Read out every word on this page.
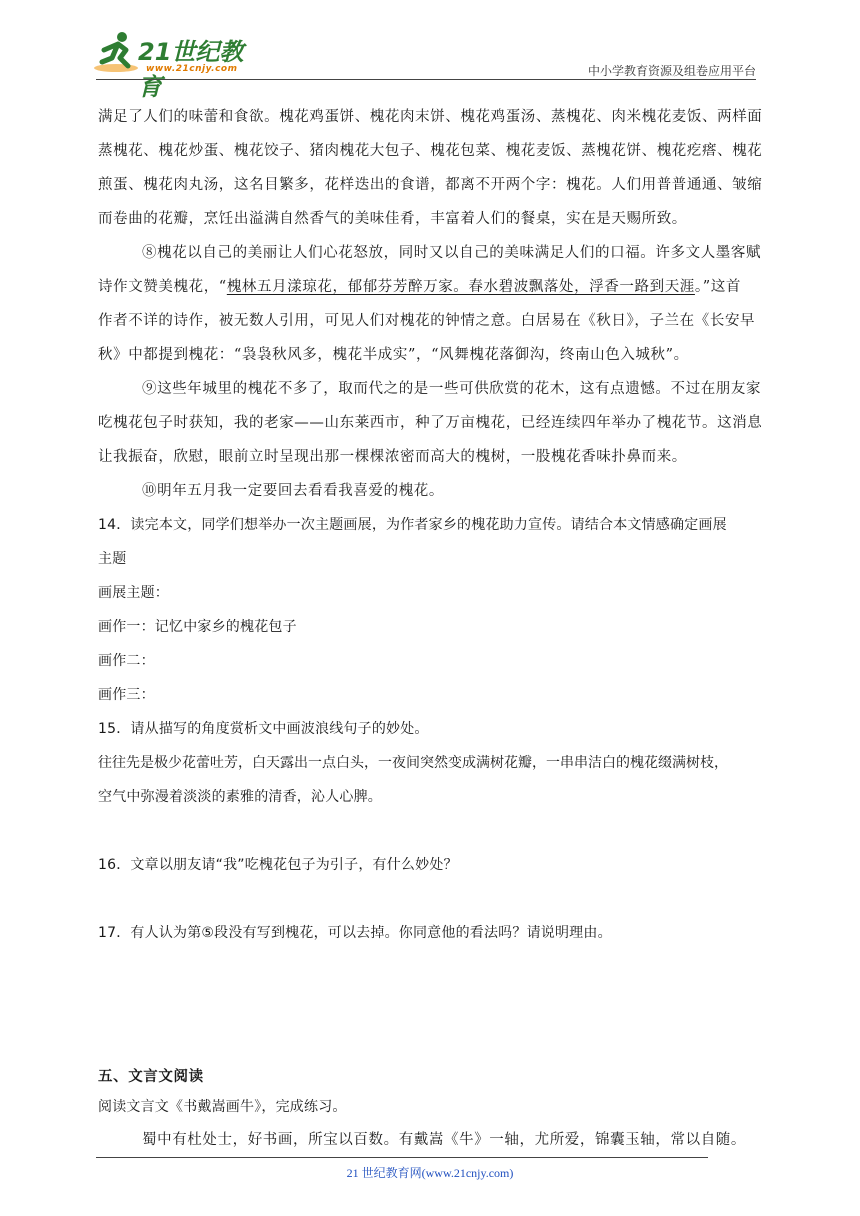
21世纪教育
www.21cnjy.com	中小学教育资源及组卷应用平台
满足了人们的味蕾和食欲。槐花鸡蛋饼、槐花肉末饼、槐花鸡蛋汤、蒸槐花、肉米槐花麦饭、两样面
蒸槐花、槐花炒蛋、槐花饺子、猪肉槐花大包子、槐花包菜、槐花麦饭、蒸槐花饼、槐花疙瘩、槐花
煎蛋、槐花肉丸汤，这名目繁多，花样迭出的食谱，都离不开两个字：槐花。人们用普普通通、皱缩
而卷曲的花瓣，烹饪出溢满自然香气的美味佳肴，丰富着人们的餐桌，实在是天赐所致。
⑧槐花以自己的美丽让人们心花怒放，同时又以自己的美味满足人们的口福。许多文人墨客赋
诗作文赞美槐花，“槐林五月漾琼花，郁郁芬芳醉万家。春水碧波飘落处，浮香一路到天涯。”这首
作者不详的诗作，被无数人引用，可见人们对槐花的钟情之意。白居易在《秋日》，子兰在《长安早
秋》中都提到槐花：“袅袅秋风多，槐花半成实”，“风舞槐花落御沟，终南山色入城秋”。
⑨这些年城里的槐花不多了，取而代之的是一些可供欣赏的花木，这有点遗憾。不过在朋友家
吃槐花包子时获知，我的老家——山东莱西市，种了万亩槐花，已经连续四年举办了槐花节。这消息
让我振奋，欣慰，眼前立时呈现出那一棵棵浓密而高大的槐树，一股槐花香味扑鼻而来。
⑩明年五月我一定要回去看看我喜爱的槐花。
14．读完本文，同学们想举办一次主题画展，为作者家乡的槐花助力宣传。请结合本文情感确定画展
主题
画展主题：
画作一：记忆中家乡的槐花包子
画作二：
画作三：
15．请从描写的角度赏析文中画波浪线句子的妙处。
往往先是极少花蕾吐芳，白天露出一点白头，一夜间突然变成满树花瓣，一串串洁白的槐花缀满树枝，
空气中弥漫着淡淡的素雅的清香，沁人心脾。
16．文章以朋友请“我”吃槐花包子为引子，有什么妙处？
17．有人认为第⑤段没有写到槐花，可以去掉。你同意他的看法吗？请说明理由。
五、文言文阅读
阅读文言文《书戴嵩画牛》，完成练习。
蜀中有杜处士，好书画，所宝以百数。有戴嵩《牛》一轴，尤所爱，锦囊玉轴，常以自随。
21 世纪教育网(www.21cnjy.com)
